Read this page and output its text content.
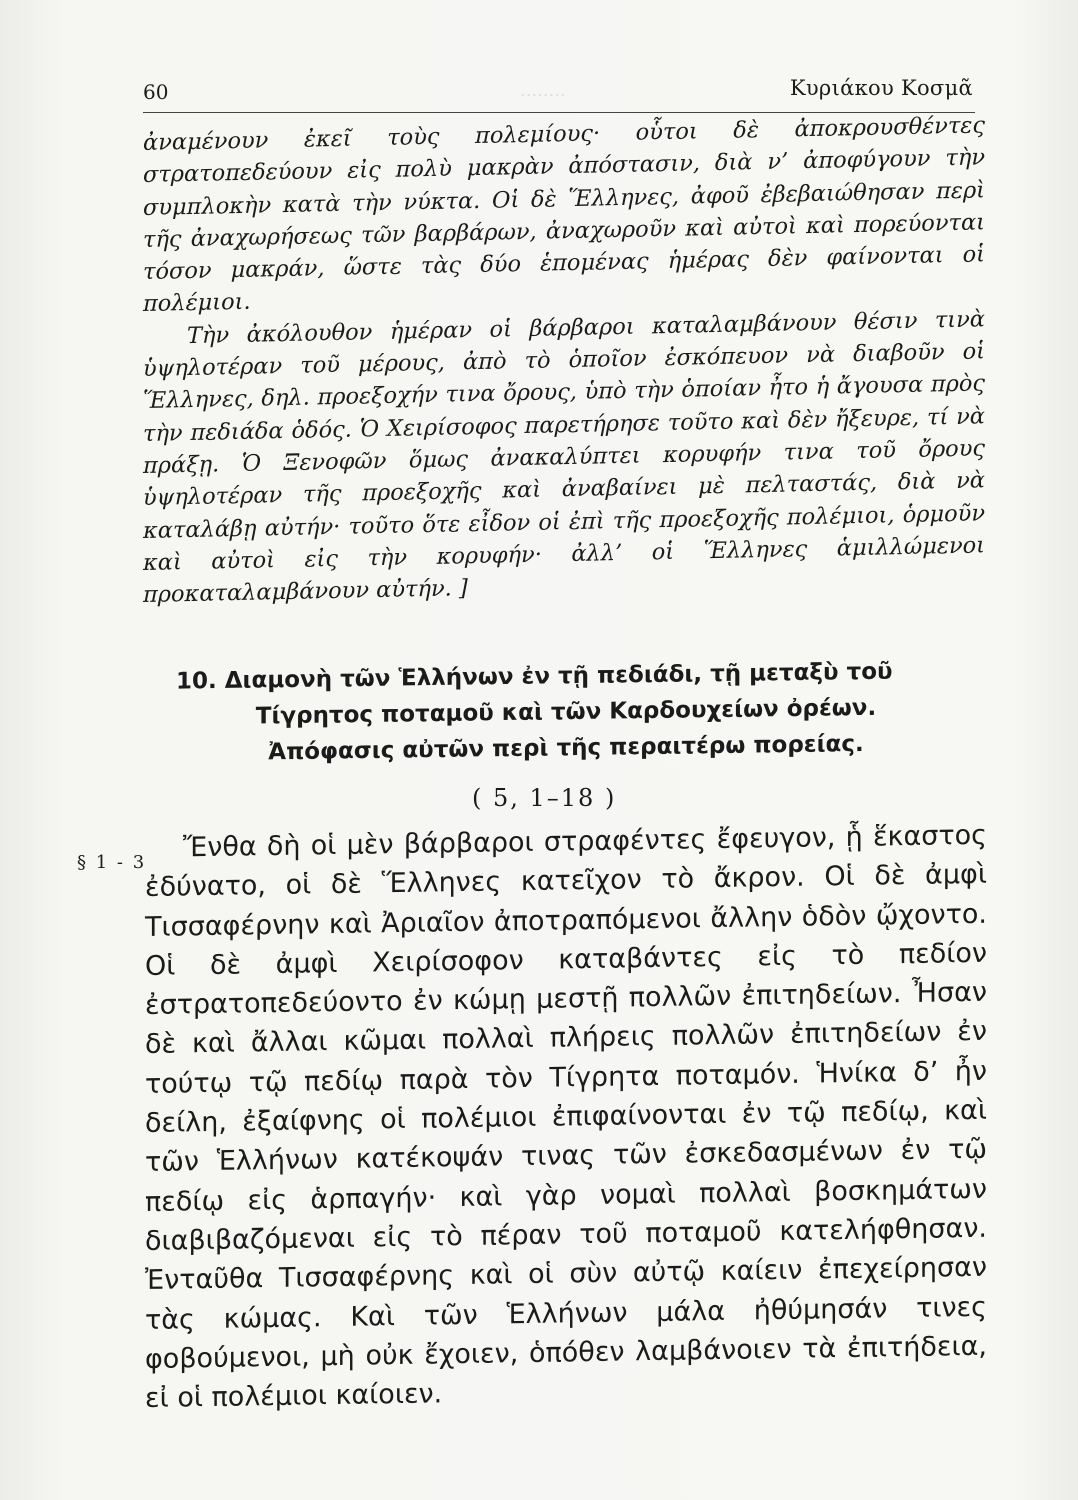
........
60	Κυριάκου Κοσμᾶ

ἀναμένουν ἐκεῖ τοὺς πολεμίους· οὗτοι δὲ ἀποκρουσθέντες στρατοπεδεύουν εἰς πολὺ μακρὰν ἀπόστασιν, διὰ ν’ ἀποφύγουν τὴν συμπλοκὴν κατὰ τὴν νύκτα. Οἱ δὲ Ἕλληνες, ἀφοῦ ἐβεβαιώθησαν περὶ τῆς ἀναχωρήσεως τῶν βαρβάρων, ἀναχωροῦν καὶ αὐτοὶ καὶ πορεύονται τόσον μακράν, ὥστε τὰς δύο ἑπομένας ἡμέρας δὲν φαίνονται οἱ πολέμιοι.

Τὴν ἀκόλουθον ἡμέραν οἱ βάρβαροι καταλαμβάνουν θέσιν τινὰ ὑψηλοτέραν τοῦ μέρους, ἀπὸ τὸ ὁποῖον ἐσκόπευον νὰ διαβοῦν οἱ Ἕλληνες, δηλ. προεξοχήν τινα ὄρους, ὑπὸ τὴν ὁποίαν ἦτο ἡ ἄγουσα πρὸς τὴν πεδιάδα ὁδός. Ὁ Χειρίσοφος παρετήρησε τοῦτο καὶ δὲν ἤξευρε, τί νὰ πράξῃ. Ὁ Ξενοφῶν ὅμως ἀνακαλύπτει κορυφήν τινα τοῦ ὄρους ὑψηλοτέραν τῆς προεξοχῆς καὶ ἀναβαίνει μὲ πελταστάς, διὰ νὰ καταλάβῃ αὐτήν· τοῦτο ὅτε εἶδον οἱ ἐπὶ τῆς προεξοχῆς πολέμιοι, ὁρμοῦν καὶ αὐτοὶ εἰς τὴν κορυφήν· ἀλλ’ οἱ Ἕλληνες ἁμιλλώμενοι προκαταλαμβάνουν αὐτήν. ]

10. Διαμονὴ τῶν Ἑλλήνων ἐν τῇ πεδιάδι, τῇ μεταξὺ τοῦ
Τίγρητος ποταμοῦ καὶ τῶν Καρδουχείων ὀρέων.
Ἀπόφασις αὐτῶν περὶ τῆς περαιτέρω πορείας.
( 5, 1–18 )
§ 1 - 3	Ἔνθα δὴ οἱ μὲν βάρβαροι στραφέντες ἔφευγον, ᾗ ἕκαστος ἐδύνατο, οἱ δὲ Ἕλληνες κατεῖχον τὸ ἄκρον. Οἱ δὲ ἀμφὶ Τισσαφέρνην καὶ Ἀριαῖον ἀποτραπόμενοι ἄλλην ὁδὸν ᾤχοντο. Οἱ δὲ ἀμφὶ Χειρίσοφον καταβάντες εἰς τὸ πεδίον ἐστρατοπεδεύοντο ἐν κώμῃ μεστῇ πολλῶν ἐπιτηδείων. Ἦσαν δὲ καὶ ἄλλαι κῶμαι πολλαὶ πλήρεις πολλῶν ἐπιτηδείων ἐν τούτῳ τῷ πεδίῳ παρὰ τὸν Τίγρητα ποταμόν. Ἡνίκα δ’ ἦν δείλη, ἐξαίφνης οἱ πολέμιοι ἐπιφαίνονται ἐν τῷ πεδίῳ, καὶ τῶν Ἑλλήνων κατέκοψάν τινας τῶν ἐσκεδασμένων ἐν τῷ πεδίῳ εἰς ἁρπαγήν· καὶ γὰρ νομαὶ πολλαὶ βοσκημάτων διαβιβαζόμεναι εἰς τὸ πέραν τοῦ ποταμοῦ κατελήφθησαν. Ἐνταῦθα Τισσαφέρνης καὶ οἱ σὺν αὐτῷ καίειν ἐπεχείρησαν τὰς κώμας. Καὶ τῶν Ἑλλήνων μάλα ἠθύμησάν τινες φοβούμενοι, μὴ οὐκ ἔχοιεν, ὁπόθεν λαμβάνοιεν τὰ ἐπιτήδεια, εἰ οἱ πολέμιοι καίοιεν.
